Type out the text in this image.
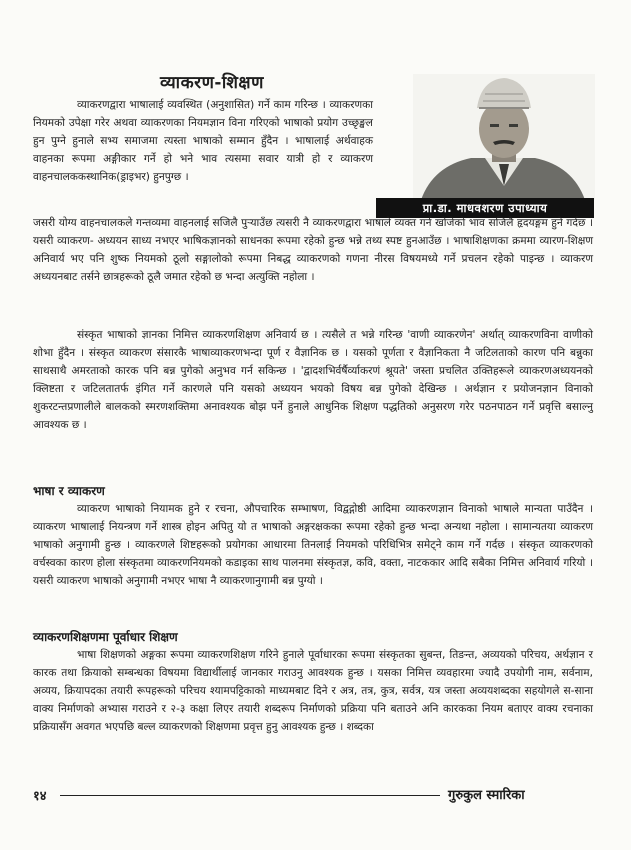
व्याकरण-शिक्षण
प्रा.डा. माधवशरण उपाध्याय

व्याकरणद्वारा भाषालाई व्यवस्थित (अनुशासित) गर्ने काम गरिन्छ । व्याकरणका नियमको उपेक्षा गरेर अथवा व्याकरणका नियमज्ञान विना गरिएको भाषाको प्रयोग उच्छृङ्खल हुन पुग्ने हुनाले सभ्य समाजमा त्यस्ता भाषाको सम्मान हुँदैन । भाषालाई अर्थवाहक वाहनका रूपमा अङ्गीकार गर्ने हो भने भाव त्यसमा सवार यात्री हो र व्याकरण वाहनचालककस्थानिक(ड्राइभर) हुनपुग्छ ।

जसरी योग्य वाहनचालकले गन्तव्यमा वाहनलाई सजिलै पुऱ्याउँछ त्यसरी नै व्याकरणद्वारा भाषाले व्यक्त गर्न खोजेको भाव सजिलै हृदयङ्गम हुने गर्दछ । यसरी व्याकरण- अध्ययन साध्य नभएर भाषिकज्ञानको साधनका रूपमा रहेको हुन्छ भन्ने तथ्य स्पष्ट हुनआउँछ । भाषाशिक्षणका क्रममा व्यारण-शिक्षण अनिवार्य भए पनि शुष्क नियमको ठूलो सङ्गालोको रूपमा निबद्ध व्याकरणको गणना नीरस विषयमध्ये गर्ने प्रचलन रहेको पाइन्छ । व्याकरण अध्ययनबाट तर्सने छात्रहरूको ठूलै जमात रहेको छ भन्दा अत्युक्ति नहोला ।

संस्कृत भाषाको ज्ञानका निमित्त व्याकरणशिक्षण अनिवार्य छ । त्यसैले त भन्ने गरिन्छ 'वाणी व्याकरणेन' अर्थात् व्याकरणविना वाणीको शोभा हुँदैन । संस्कृत व्याकरण संसारकै भाषाव्याकरणभन्दा पूर्ण र वैज्ञानिक छ । यसको पूर्णता र वैज्ञानिकता नै जटिलताको कारण पनि बन्नुका साथसाथै अमरताको कारक पनि बन्न पुगेको अनुभव गर्न सकिन्छ । 'द्वादशभिर्वर्षैर्व्याकरणं श्रूयते' जस्ता प्रचलित उक्तिहरूले व्याकरणअध्ययनको क्लिष्टता र जटिलतातर्फ इंगित गर्ने कारणले पनि यसको अध्ययन भयको विषय बन्न पुगेको देखिन्छ । अर्थज्ञान र प्रयोजनज्ञान विनाको शुकरटन्तप्रणालीले बालकको स्मरणशक्तिमा अनावश्यक बोझ पर्ने हुनाले आधुनिक शिक्षण पद्धतिको अनुसरण गरेर पठनपाठन गर्ने प्रवृत्ति बसाल्नु आवश्यक छ ।

भाषा र व्याकरण

व्याकरण भाषाको नियामक हुने र रचना, औपचारिक सम्भाषण, विद्वद्गोष्ठी आदिमा व्याकरणज्ञान विनाको भाषाले मान्यता पाउँदैन । व्याकरण भाषालाई नियन्त्रण गर्ने शास्त्र होइन अपितु यो त भाषाको अङ्गरक्षकका रूपमा रहेको हुन्छ भन्दा अन्यथा नहोला । सामान्यतया व्याकरण भाषाको अनुगामी हुन्छ । व्याकरणले शिष्टहरूको प्रयोगका आधारमा तिनलाई नियमको परिधिभित्र समेट्ने काम गर्ने गर्दछ । संस्कृत व्याकरणको वर्चस्वका कारण होला संस्कृतमा व्याकरणनियमको कडाइका साथ पालनमा संस्कृतज्ञ, कवि, वक्ता, नाटककार आदि सबैका निमित्त अनिवार्य गरियो । यसरी व्याकरण भाषाको अनुगामी नभएर भाषा नै व्याकरणानुगामी बन्न पुग्यो ।

व्याकरणशिक्षणमा पूर्वाधार शिक्षण

भाषा शिक्षणको अङ्गका रूपमा व्याकरणशिक्षण गरिने हुनाले पूर्वाधारका रूपमा संस्कृतका सुबन्त, तिङन्त, अव्ययको परिचय, अर्थज्ञान र कारक तथा क्रियाको सम्बन्धका विषयमा विद्यार्थीलाई जानकार गराउनु आवश्यक हुन्छ । यसका निमित्त व्यवहारमा ज्यादै उपयोगी नाम, सर्वनाम, अव्यय, क्रियापदका तयारी रूपहरूको परिचय श्यामपट्टिकाको माध्यमबाट दिने र अत्र, तत्र, कुत्र, सर्वत्र, यत्र जस्ता अव्ययशब्दका सहयोगले स-साना वाक्य निर्माणको अभ्यास गराउने र २-३ कक्षा लिएर तयारी शब्दरूप निर्माणको प्रक्रिया पनि बताउने अनि कारकका नियम बताएर वाक्य रचनाका प्रक्रियासँग अवगत भएपछि बल्ल व्याकरणको शिक्षणमा प्रवृत्त हुनु आवश्यक हुन्छ । शब्दका

१४	गुरुकुल स्मारिका
